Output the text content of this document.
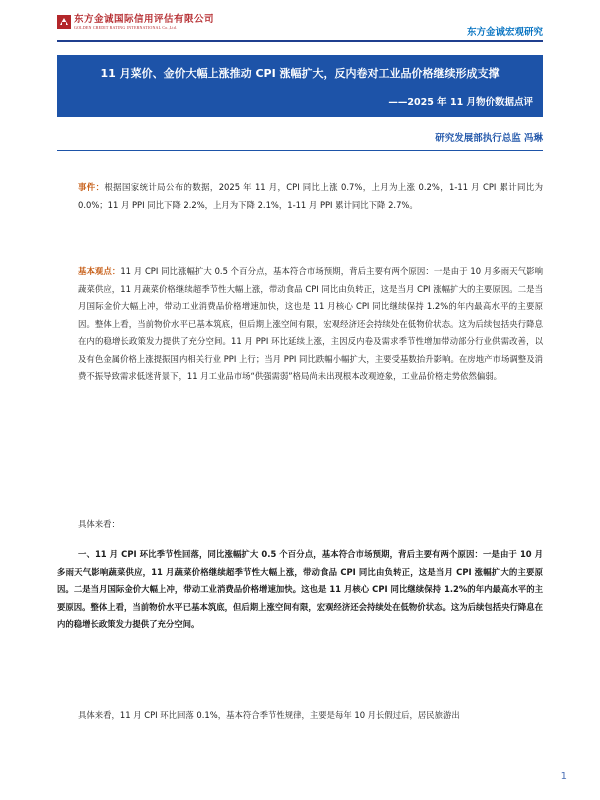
东方金诚国际信用评估有限公司
GOLDEN CREDIT RATING INTERNATIONAL Co.,Ltd.	东方金诚宏观研究
11 月菜价、金价大幅上涨推动 CPI 涨幅扩大，反内卷对工业品价格继续形成支撑
——2025 年 11 月物价数据点评
研究发展部执行总监 冯琳

事件：根据国家统计局公布的数据，2025 年 11 月，CPI 同比上涨 0.7%，上月为上涨 0.2%，1-11 月 CPI 累计同比为 0.0%；11 月 PPI 同比下降 2.2%，上月为下降 2.1%，1-11 月 PPI 累计同比下降 2.7%。

基本观点：11 月 CPI 同比涨幅扩大 0.5 个百分点，基本符合市场预期，背后主要有两个原因：一是由于 10 月多雨天气影响蔬菜供应，11 月蔬菜价格继续超季节性大幅上涨，带动食品 CPI 同比由负转正，这是当月 CPI 涨幅扩大的主要原因。二是当月国际金价大幅上冲，带动工业消费品价格增速加快，这也是 11 月核心 CPI 同比继续保持 1.2%的年内最高水平的主要原因。整体上看，当前物价水平已基本筑底，但后期上涨空间有限，宏观经济还会持续处在低物价状态。这为后续包括央行降息在内的稳增长政策发力提供了充分空间。11 月 PPI 环比延续上涨，主因反内卷及需求季节性增加带动部分行业供需改善，以及有色金属价格上涨提振国内相关行业 PPI 上行；当月 PPI 同比跌幅小幅扩大，主要受基数抬升影响。在房地产市场调整及消费不振导致需求低迷背景下，11 月工业品市场“供强需弱”格局尚未出现根本改观迹象，工业品价格走势依然偏弱。

具体来看：

一、11 月 CPI 环比季节性回落，同比涨幅扩大 0.5 个百分点，基本符合市场预期，背后主要有两个原因：一是由于 10 月多雨天气影响蔬菜供应，11 月蔬菜价格继续超季节性大幅上涨，带动食品 CPI 同比由负转正，这是当月 CPI 涨幅扩大的主要原因。二是当月国际金价大幅上冲，带动工业消费品价格增速加快。这也是 11 月核心 CPI 同比继续保持 1.2%的年内最高水平的主要原因。整体上看，当前物价水平已基本筑底，但后期上涨空间有限，宏观经济还会持续处在低物价状态。这为后续包括央行降息在内的稳增长政策发力提供了充分空间。

具体来看，11 月 CPI 环比回落 0.1%，基本符合季节性规律，主要是每年 10 月长假过后，居民旅游出

1
